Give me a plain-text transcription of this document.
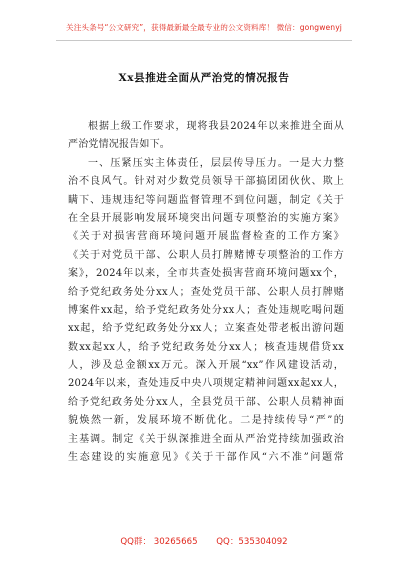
关注头条号“公文研究”，获得最新最全最专业的公文资料库！ 微信：gongwenyj
Xx县推进全面从严治党的情况报告
根据上级工作要求，现将我县2024年以来推进全面从
严治党情况报告如下。
一、压紧压实主体责任，层层传导压力。一是大力整
治不良风气。针对对少数党员领导干部搞团团伙伙、欺上
瞒下、违规违纪等问题监督管理不到位问题，制定《关于
在全县开展影响发展环境突出问题专项整治的实施方案》
《关于对损害营商环境问题开展监督检查的工作方案》
《关于对党员干部、公职人员打牌赌博专项整治的工作方
案》，2024年以来，全市共查处损害营商环境问题xx个，
给予党纪政务处分xx人；查处党员干部、公职人员打牌赌
博案件xx起，给予党纪政务处分xx人；查处违规吃喝问题
xx起，给予党纪政务处分xx人；立案查处带老板出游问题
数xx起xx人，给予党纪政务处分xx人；核查违规借贷xx
人，涉及总金额xx万元。深入开展“xx”作风建设活动，
2024年以来，查处违反中央八项规定精神问题xx起xx人，
给予党纪政务处分xx人，全县党员干部、公职人员精神面
貌焕然一新，发展环境不断优化。二是持续传导“严”的
主基调。制定《关于纵深推进全面从严治党持续加强政治
生态建设的实施意见》《关于干部作风“六不准”问题常
QQ群： 30265665 QQ：535304092
